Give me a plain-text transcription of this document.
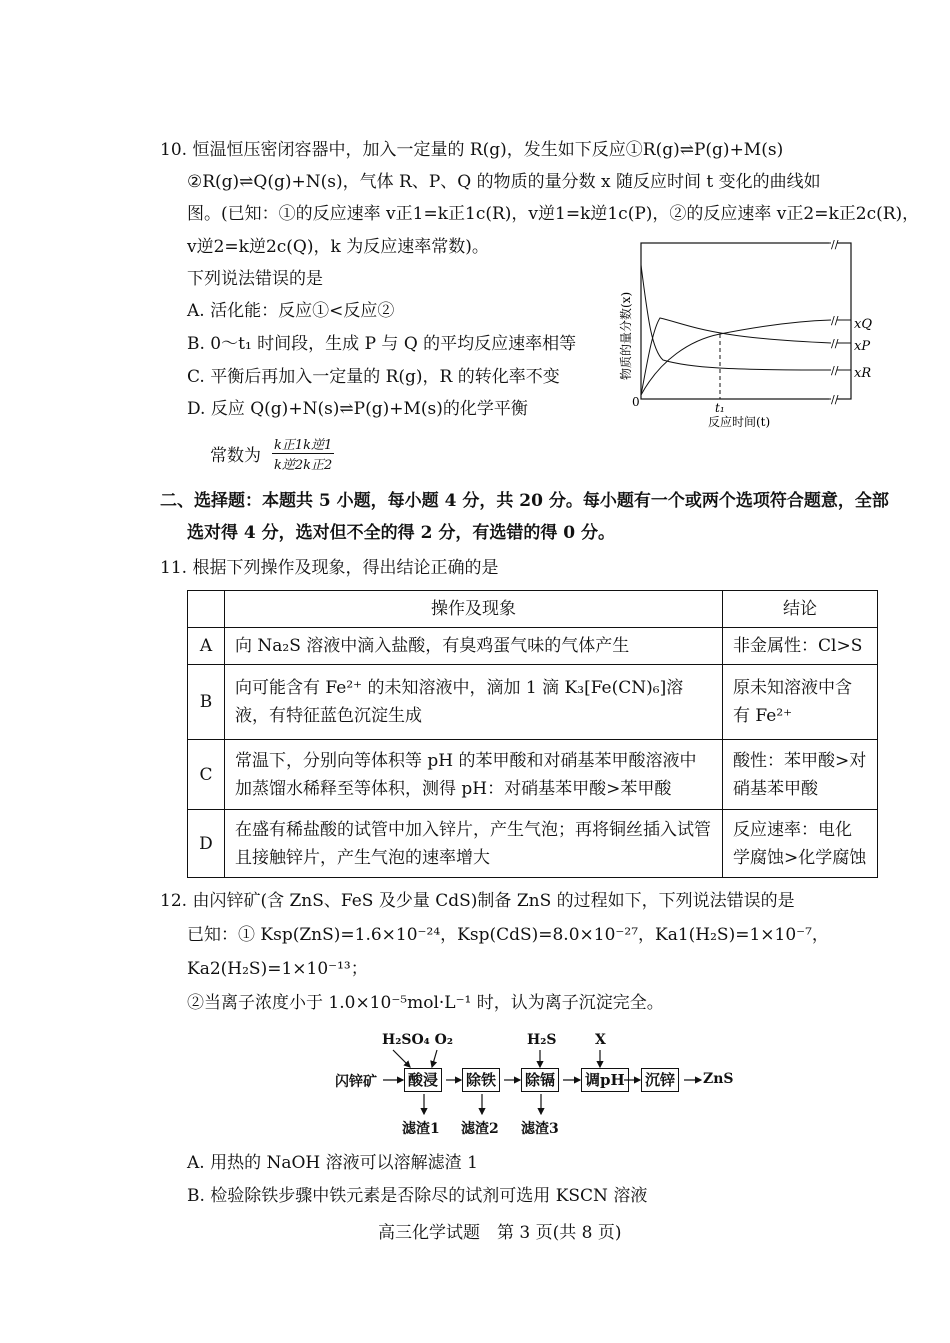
10. 恒温恒压密闭容器中，加入一定量的 R(g)，发生如下反应①R(g)⇌P(g)+M(s)
②R(g)⇌Q(g)+N(s)，气体 R、P、Q 的物质的量分数 x 随反应时间 t 变化的曲线如
图。(已知：①的反应速率 v正1=k正1c(R)，v逆1=k逆1c(P)，②的反应速率 v正2=k正2c(R)，
v逆2=k逆2c(Q)，k 为反应速率常数)。
下列说法错误的是
A. 活化能：反应①<反应②
B. 0～t₁ 时间段，生成 P 与 Q 的平均反应速率相等
C. 平衡后再加入一定量的 R(g)，R 的转化率不变
D. 反应 Q(g)+N(s)⇌P(g)+M(s)的化学平衡
常数为
k正1k逆1
k逆2k正2
//
//
//
//
//
xQ
xP
xR
0	t₁
反应时间(t)
物质的量分数(x)
二、选择题：本题共 5 小题，每小题 4 分，共 20 分。每小题有一个或两个选项符合题意，全部
选对得 4 分，选对但不全的得 2 分，有选错的得 0 分。
11. 根据下列操作及现象，得出结论正确的是
	操作及现象	结论
A	向 Na₂S 溶液中滴入盐酸，有臭鸡蛋气味的气体产生	非金属性：Cl>S
B	向可能含有 Fe²⁺ 的未知溶液中，滴加 1 滴 K₃[Fe(CN)₆]溶液，有特征蓝色沉淀生成	原未知溶液中含有 Fe²⁺
C	常温下，分别向等体积等 pH 的苯甲酸和对硝基苯甲酸溶液中加蒸馏水稀释至等体积，测得 pH：对硝基苯甲酸>苯甲酸	酸性：苯甲酸>对硝基苯甲酸
D	在盛有稀盐酸的试管中加入锌片，产生气泡；再将铜丝插入试管且接触锌片，产生气泡的速率增大	反应速率：电化学腐蚀>化学腐蚀
12. 由闪锌矿(含 ZnS、FeS 及少量 CdS)制备 ZnS 的过程如下，下列说法错误的是
已知：① Ksp(ZnS)=1.6×10⁻²⁴，Ksp(CdS)=8.0×10⁻²⁷，Ka1(H₂S)=1×10⁻⁷，
Ka2(H₂S)=1×10⁻¹³；
②当离子浓度小于 1.0×10⁻⁵mol·L⁻¹ 时，认为离子沉淀完全。
闪锌矿 酸浸 除铁 除镉 调pH 沉锌 ZnS
H₂SO₄ O₂	H₂S	X
滤渣1 滤渣2 滤渣3
A. 用热的 NaOH 溶液可以溶解滤渣 1
B. 检验除铁步骤中铁元素是否除尽的试剂可选用 KSCN 溶液
高三化学试题　第 3 页(共 8 页)
